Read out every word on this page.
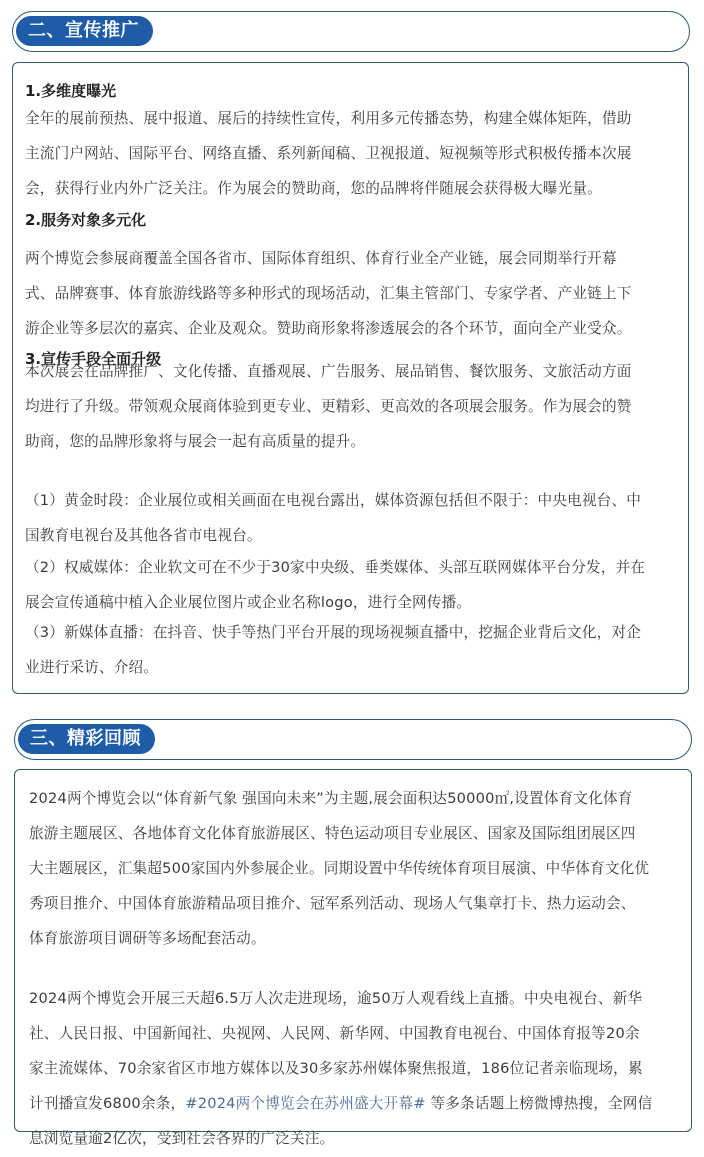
二、宣传推广
1.多维度曝光
全年的展前预热、展中报道、展后的持续性宣传，利用多元传播态势，构建全媒体矩阵，借助
主流门户网站、国际平台、网络直播、系列新闻稿、卫视报道、短视频等形式积极传播本次展
会，获得行业内外广泛关注。作为展会的赞助商，您的品牌将伴随展会获得极大曝光量。
2.服务对象多元化
两个博览会参展商覆盖全国各省市、国际体育组织、体育行业全产业链，展会同期举行开幕
式、品牌赛事、体育旅游线路等多种形式的现场活动，汇集主管部门、专家学者、产业链上下
游企业等多层次的嘉宾、企业及观众。赞助商形象将渗透展会的各个环节，面向全产业受众。
3.宣传手段全面升级
本次展会在品牌推广、文化传播、直播观展、广告服务、展品销售、餐饮服务、文旅活动方面
均进行了升级。带领观众展商体验到更专业、更精彩、更高效的各项展会服务。作为展会的赞
助商，您的品牌形象将与展会一起有高质量的提升。
（1）黄金时段：企业展位或相关画面在电视台露出，媒体资源包括但不限于：中央电视台、中
国教育电视台及其他各省市电视台。
（2）权威媒体：企业软文可在不少于30家中央级、垂类媒体、头部互联网媒体平台分发，并在
展会宣传通稿中植入企业展位图片或企业名称logo，进行全网传播。
（3）新媒体直播：在抖音、快手等热门平台开展的现场视频直播中，挖掘企业背后文化，对企
业进行采访、介绍。
三、精彩回顾
2024两个博览会以“体育新气象 强国向未来”为主题,展会面积达50000㎡,设置体育文化体育
旅游主题展区、各地体育文化体育旅游展区、特色运动项目专业展区、国家及国际组团展区四
大主题展区，汇集超500家国内外参展企业。同期设置中华传统体育项目展演、中华体育文化优
秀项目推介、中国体育旅游精品项目推介、冠军系列活动、现场人气集章打卡、热力运动会、
体育旅游项目调研等多场配套活动。
2024两个博览会开展三天超6.5万人次走进现场，逾50万人观看线上直播。中央电视台、新华
社、人民日报、中国新闻社、央视网、人民网、新华网、中国教育电视台、中国体育报等20余
家主流媒体、70余家省区市地方媒体以及30多家苏州媒体聚焦报道，186位记者亲临现场，累
计刊播宣发6800余条，#2024两个博览会在苏州盛大开幕# 等多条话题上榜微博热搜，全网信
息浏览量逾2亿次，受到社会各界的广泛关注。
